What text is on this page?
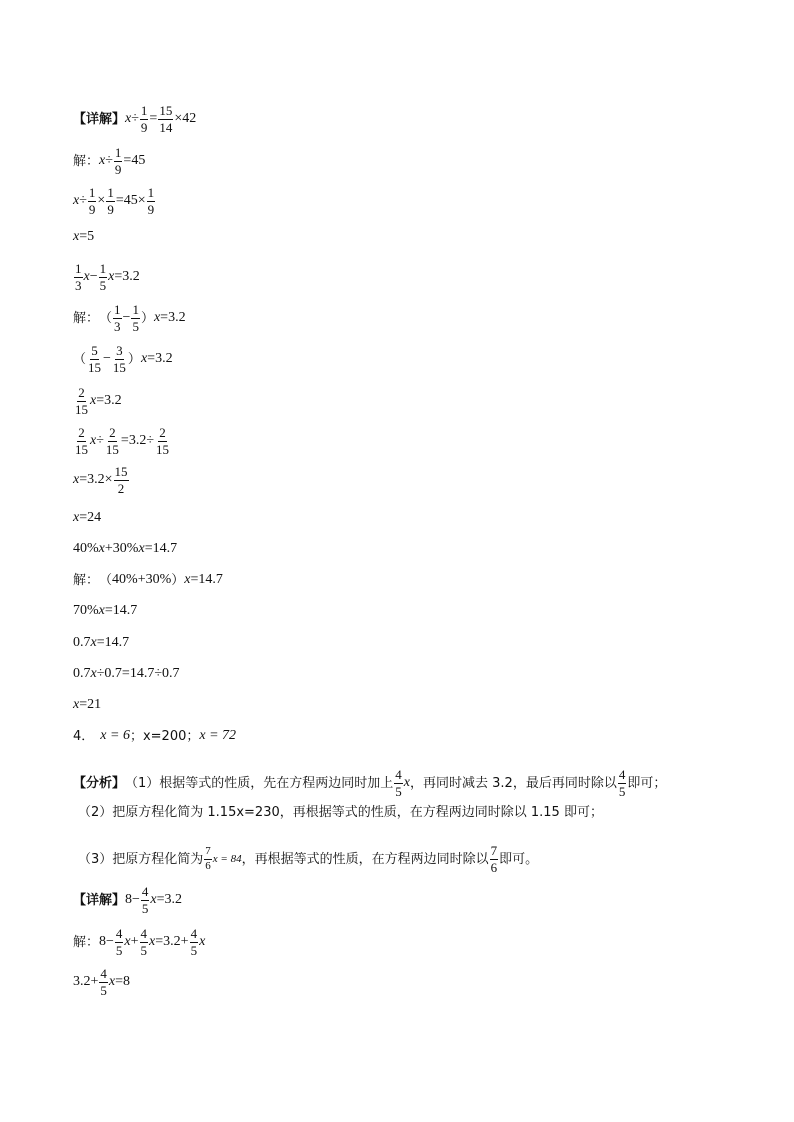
【详解】 $x \div \frac{1}{9} = \frac{15}{14} \times 42$
解： $x \div \frac{1}{9} = 45$
$x \div \frac{1}{9} \times \frac{1}{9} = 45 \times \frac{1}{9}$
x = 5
$\frac{1}{3}$ $x - \frac{1}{5}$ x = 3.2
解： （ $\frac{1}{3} - \frac{1}{5}$ ） x = 3.2
（ $\frac{5}{15} - \frac{3}{15}$ ） x = 3.2
$\frac{2}{15}$ x = 3.2
$\frac{2}{15}$ $x \div \frac{2}{15} = 3.2 \div \frac{2}{15}$
$x = 3.2 \times \frac{15}{2}$
x = 24
40 % x + 30 % x = 14.7
解： （ 40 % + 30 % ） x = 14.7
70 % x = 14.7
0.7 x = 14.7
0.7 x ÷ 0.7 = 14.7 ÷ 0.7
x = 21
4． x = 6 ； x=200； x = 72
【分析】 （1）根据等式的性质，先在方程两边同时加上 $\frac{4}{5}$ x ，再同时减去 3.2，最后再同时除以 $\frac{4}{5}$ 即可；
（2）把原方程化简为 1.15x=230，再根据等式的性质，在方程两边同时除以 1.15 即可；
（3）把原方程化简为 $\frac{7}{6}$ x = 84 ，再根据等式的性质，在方程两边同时除以 $\frac{7}{6}$ 即可。
【详解】 $8 - \frac{4}{5}$ x = 3.2
解： $8 - \frac{4}{5}$ $x + \frac{4}{5}$ $x = 3.2 + \frac{4}{5}$ x
$3.2 + \frac{4}{5}$ x = 8
